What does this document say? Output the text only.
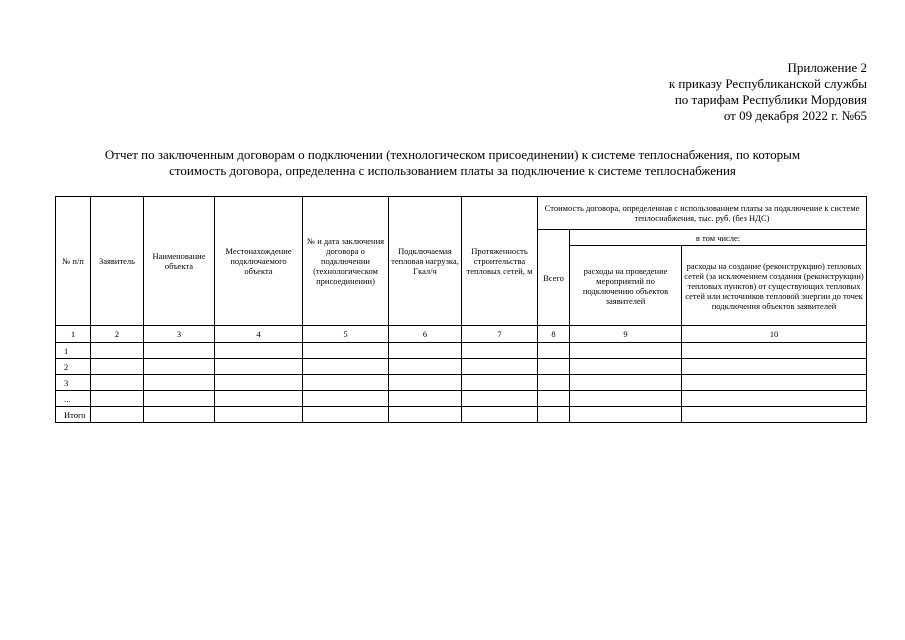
Приложение 2
к приказу Республиканской службы
по тарифам Республики Мордовия
от 09 декабря 2022 г. №65
Отчет по заключенным договорам о подключении (технологическом присоединении) к системе теплоснабжения, по которым
стоимость договора, определенна с использованием платы за подключение к системе теплоснабжения
№ п/п	Заявитель	Наименование объекта	Местонахождение подключаемого объекта	№ и дата заключения договора о подключении (технологическом присоединении)	Подключаемая тепловая нагрузка, Гкал/ч	Протяженность строительства тепловых сетей, м	Стоимость договора, определенная с использованием платы за подключение к системе теплоснабжения, тыс. руб. (без НДС)		
							Всего	в том числе:	
								расходы на проведение мероприятий по подключению объектов заявителей	расходы на создание (реконструкцию) тепловых сетей (за исключением создания (реконструкции) тепловых пунктов) от существующих тепловых сетей или источников тепловой энергии до точек подключения объектов заявителей
1	2	3	4	5	6	7	8	9	10
1									
2									
3									
...									
Итого									
